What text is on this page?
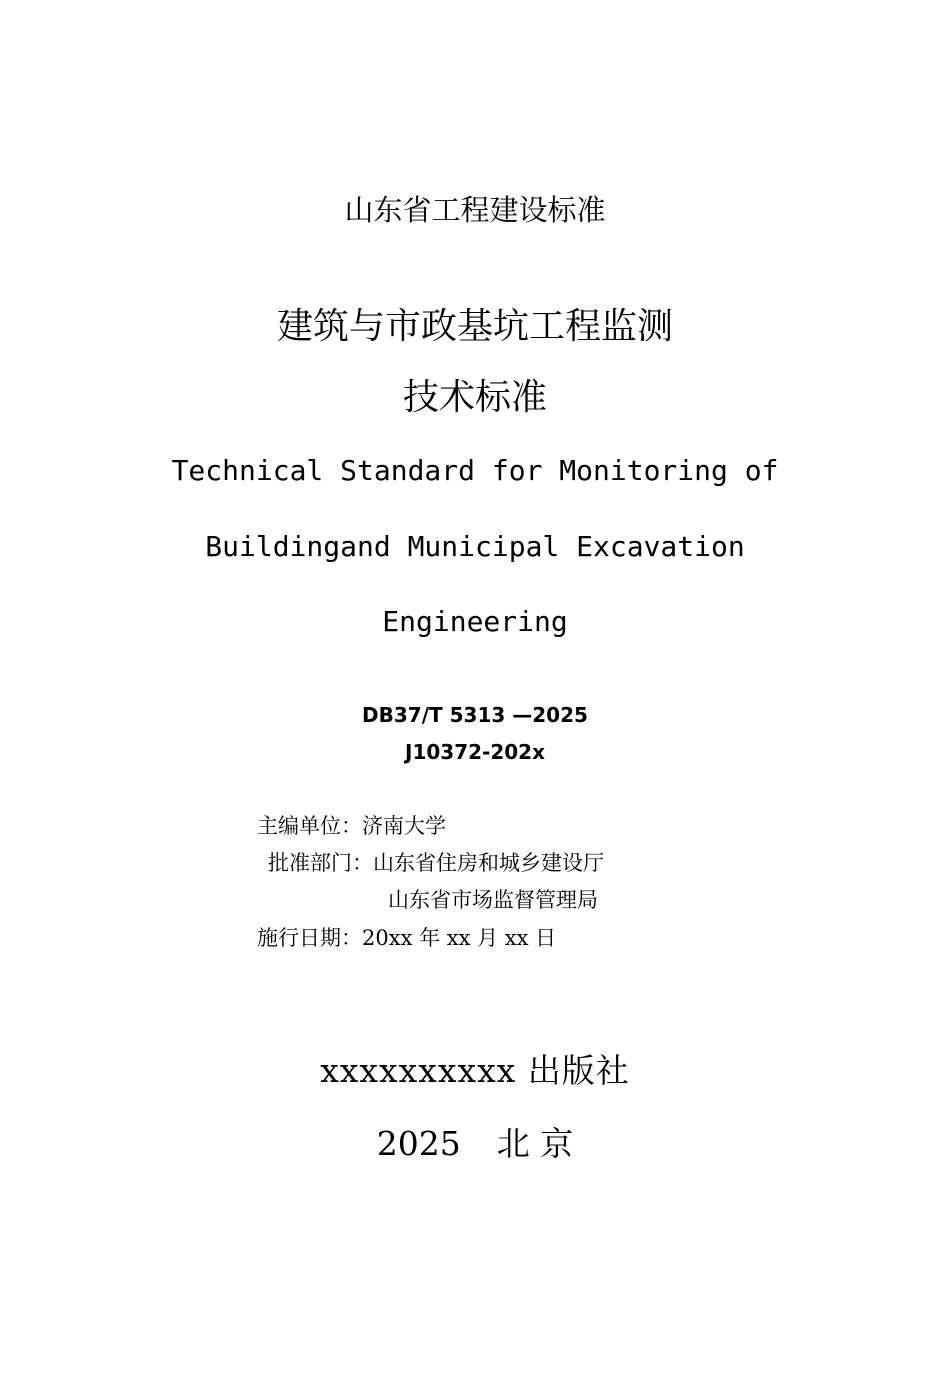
山东省工程建设标准
建筑与市政基坑工程监测
技术标准
Technical Standard for Monitoring of
Buildingand Municipal Excavation
Engineering
DB37/T 5313 —2025
J10372-202x
主编单位：济南大学
批准部门：山东省住房和城乡建设厅
山东省市场监督管理局
施行日期：20xx 年 xx 月 xx 日
xxxxxxxxxx 出版社
2025 北 京
